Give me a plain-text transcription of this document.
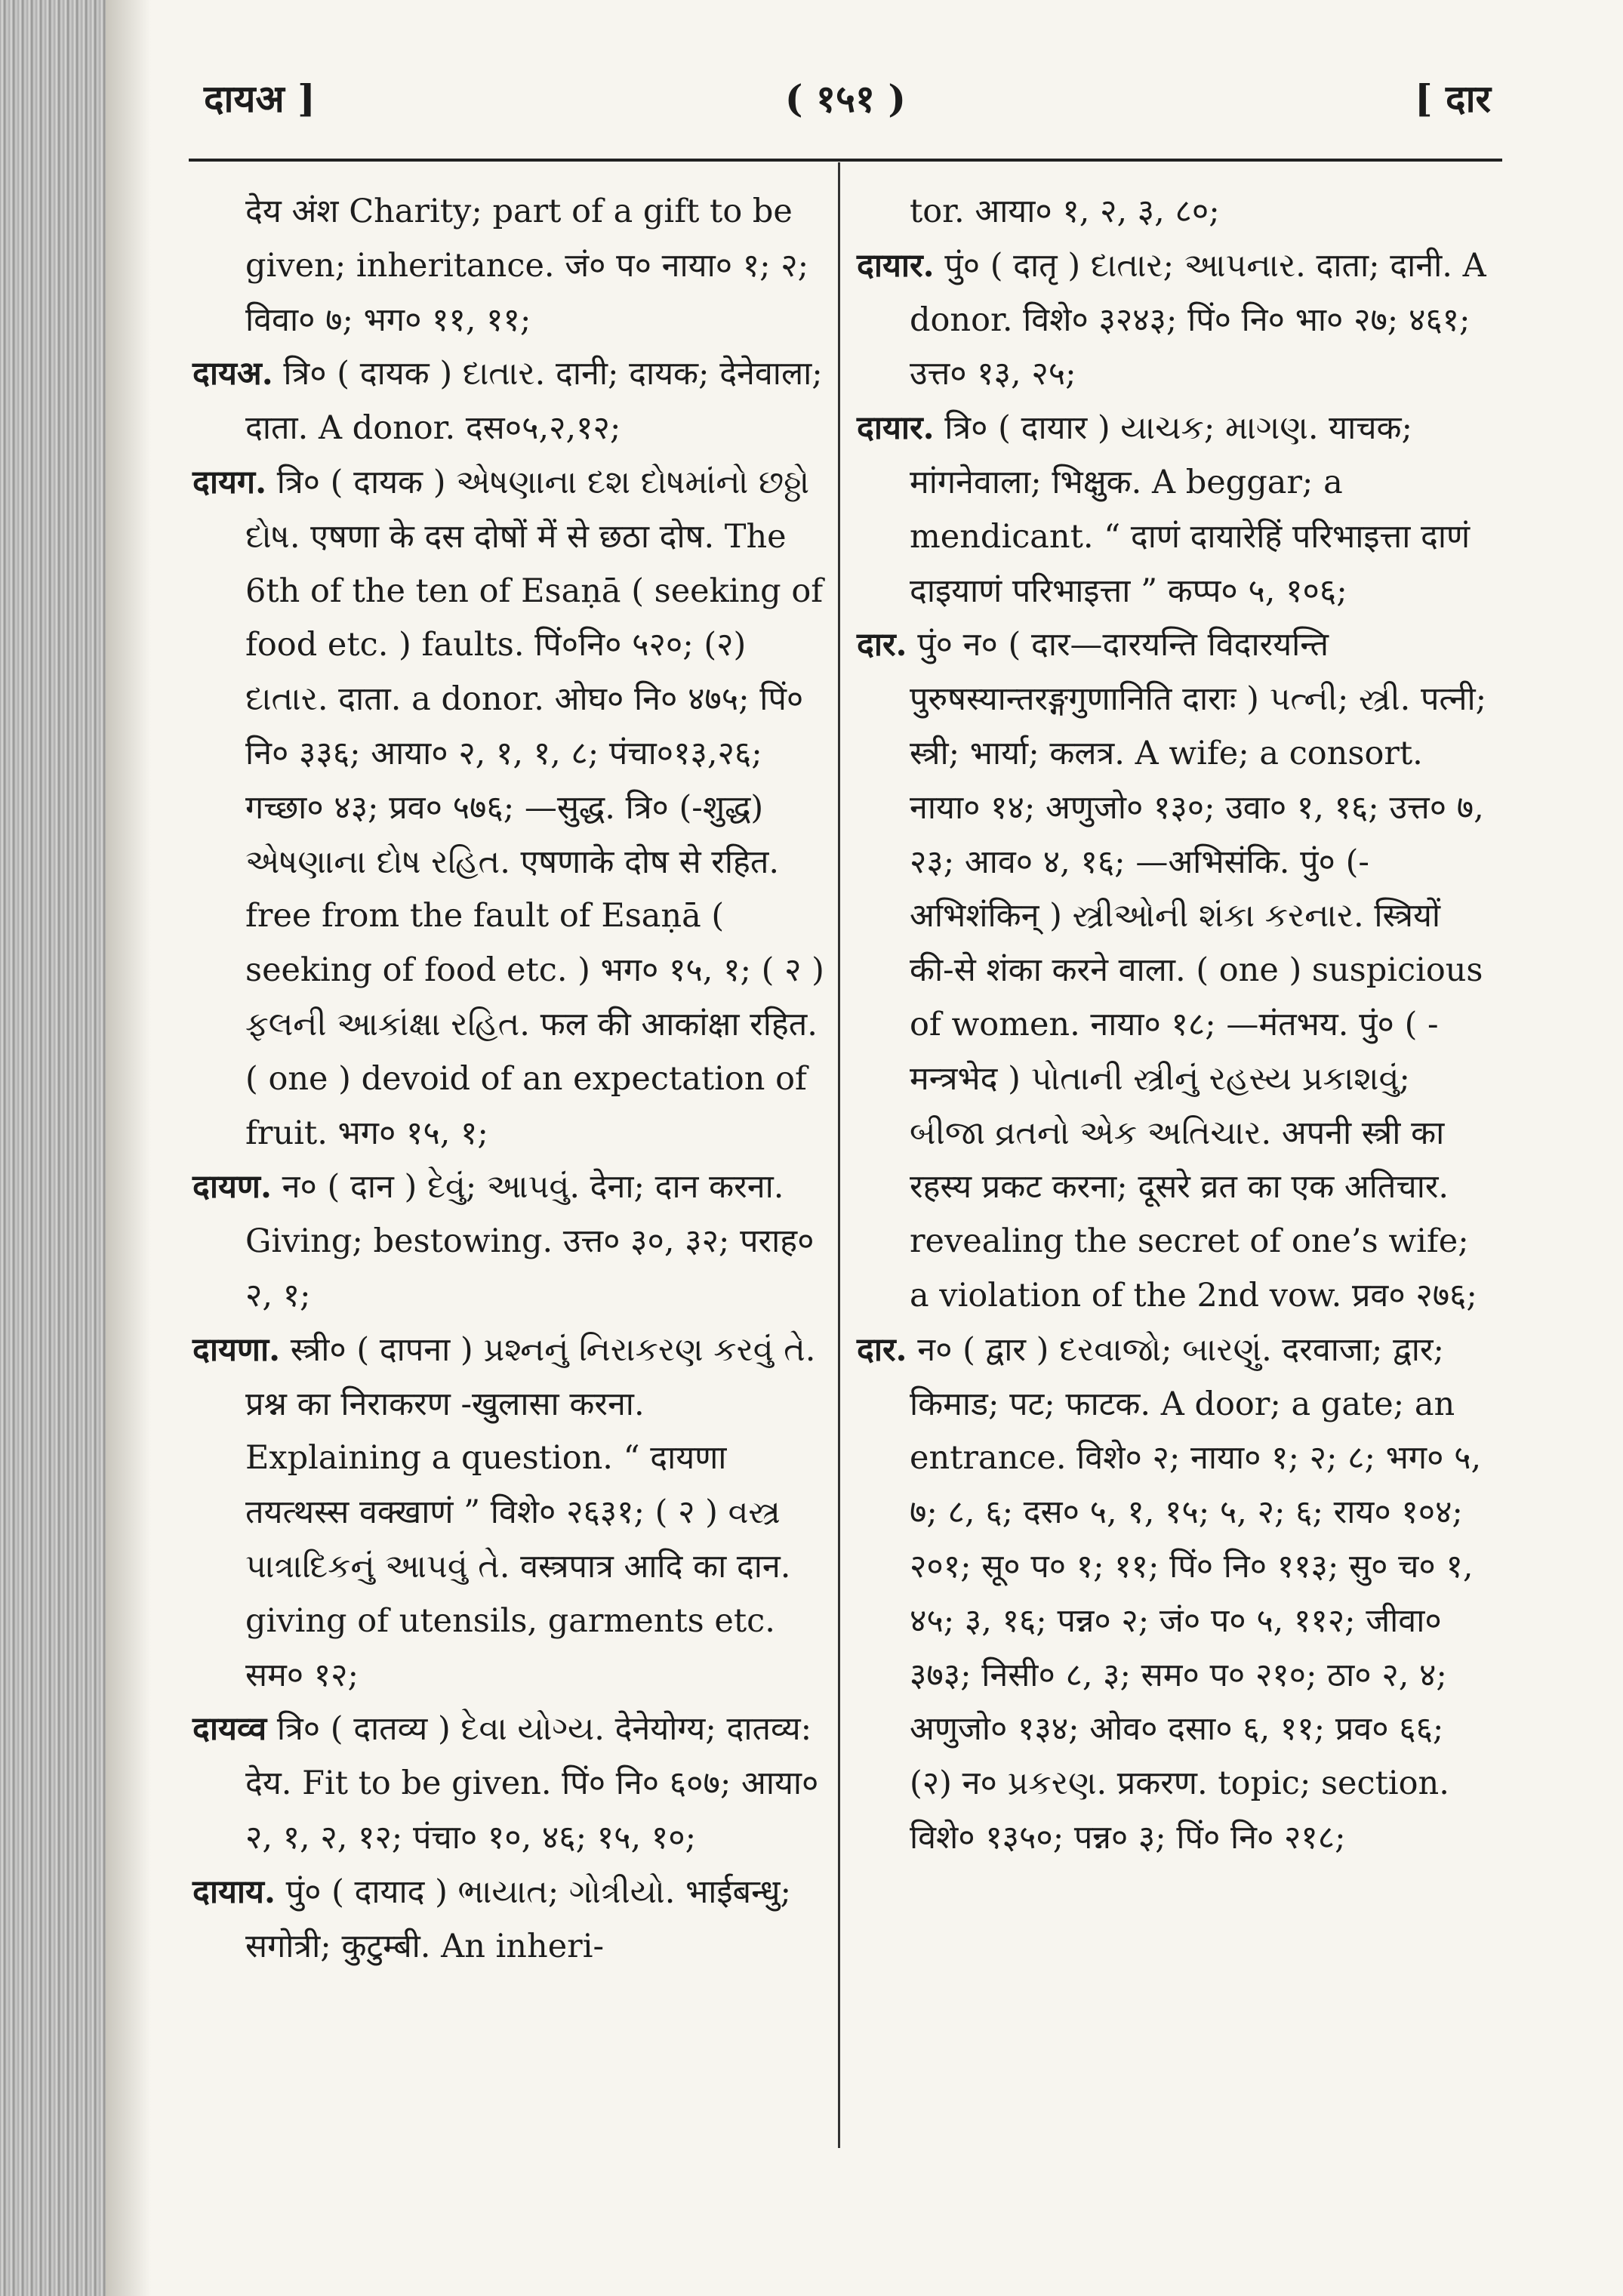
दायअ ]	( १५१ )	[ दार

देय अंश Charity; part of a gift to be given; inheritance. जं० प० नाया० १; २; विवा० ७; भग० ११, ११;

दायअ. त्रि० ( दायक ) દાતાર. दानी; दायक; देनेवाला; दाता. A donor. दस०५,२,१२;

दायग. त्रि० ( दायक ) એષણાના દશ દોષમાંનો છઠ્ઠો દોષ. एषणा के दस दोषों में से छठा दोष. The 6th of the ten of Esaṇā ( seeking of food etc. ) faults. पिं०नि० ५२०; (२) દાતાર. दाता. a donor. ओघ० नि० ४७५; पिं० नि० ३३६; आया० २, १, १, ८; पंचा०१३,२६; गच्छा० ४३; प्रव० ५७६; —सुद्ध. त्रि० (-शुद्ध) એષણાના દોષ રહિત. एषणाके दोष से रहित. free from the fault of Esaṇā ( seeking of food etc. ) भग० १५, १; ( २ ) ફલની આકાંક્ષા રહિત. फल की आकांक्षा रहित. ( one ) devoid of an expectation of fruit. भग० १५, १;

दायण. न० ( दान ) દેવું; આપવું. देना; दान करना. Giving; bestowing. उत्त० ३०, ३२; पराह० २, १;

दायणा. स्त्री० ( दापना ) પ્રશ્નનું નિરાકરણ કરવું તે. प्रश्न का निराकरण -खुलासा करना. Explaining a question. “ दायणा तयत्थस्स वक्खाणं ” विशे० २६३१; ( २ ) વસ્ત્ર પાત્રાદિકનું આપવું તે. वस्त्रपात्र आदि का दान. giving of utensils, garments etc. सम० १२;

दायव्व त्रि० ( दातव्य ) દેવા યોગ્ય. देनेयोग्य; दातव्य: देय. Fit to be given. पिं० नि० ६०७; आया० २, १, २, १२; पंचा० १०, ४६; १५, १०;

दायाय. पुं० ( दायाद ) ભાયાત; ગોત્રીયો. भाईबन्धु; सगोत्री; कुटुम्बी. An inheri-

tor. आया० १, २, ३, ८०;

दायार. पुं० ( दातृ ) દાતાર; આપનાર. दाता; दानी. A donor. विशे० ३२४३; पिं० नि० भा० २७; ४६१; उत्त० १३, २५;

दायार. त्रि० ( दायार ) યાચક; માગણ. याचक; मांगनेवाला; भिक्षुक. A beggar; a mendicant. “ दाणं दायारेहिं परिभाइत्ता दाणं दाइयाणं परिभाइत्ता ” कप्प० ५, १०६;

दार. पुं० न० ( दार—दारयन्ति विदारयन्ति पुरुषस्यान्तरङ्गगुणानिति दाराः ) પત્ની; સ્ત્રી. पत्नी; स्त्री; भार्या; कलत्र. A wife; a consort. नाया० १४; अणुजो० १३०; उवा० १, १६; उत्त० ७, २३; आव० ४, १६; —अभिसंकि. पुं० (-अभिशंकिन् ) સ્ત્રીઓની શંકા કરનાર. स्त्रियों की-से शंका करने वाला. ( one ) suspicious of women. नाया० १८; —मंतभय. पुं० ( -मन्त्रभेद ) પોતાની સ્ત્રીનું રહસ્ય પ્રકાશવું; બીજા વ્રતનો એક અતિચાર. अपनी स्त्री का रहस्य प्रकट करना; दूसरे व्रत का एक अतिचार. revealing the secret of one’s wife; a violation of the 2nd vow. प्रव० २७६;

दार. न० ( द्वार ) દરવાજો; બારણું. दरवाजा; द्वार; किमाड; पट; फाटक. A door; a gate; an entrance. विशे० २; नाया० १; २; ८; भग० ५, ७; ८, ६; दस० ५, १, १५; ५, २; ६; राय० १०४; २०१; सू० प० १; ११; पिं० नि० ११३; सु० च० १, ४५; ३, १६; पन्न० २; जं० प० ५, ११२; जीवा० ३७३; निसी० ८, ३; सम० प० २१०; ठा० २, ४; अणुजो० १३४; ओव० दसा० ६, ११; प्रव० ६६; (२) न० પ્રકરણ. प्रकरण. topic; section. विशे० १३५०; पन्न० ३; पिं० नि० २१८;
